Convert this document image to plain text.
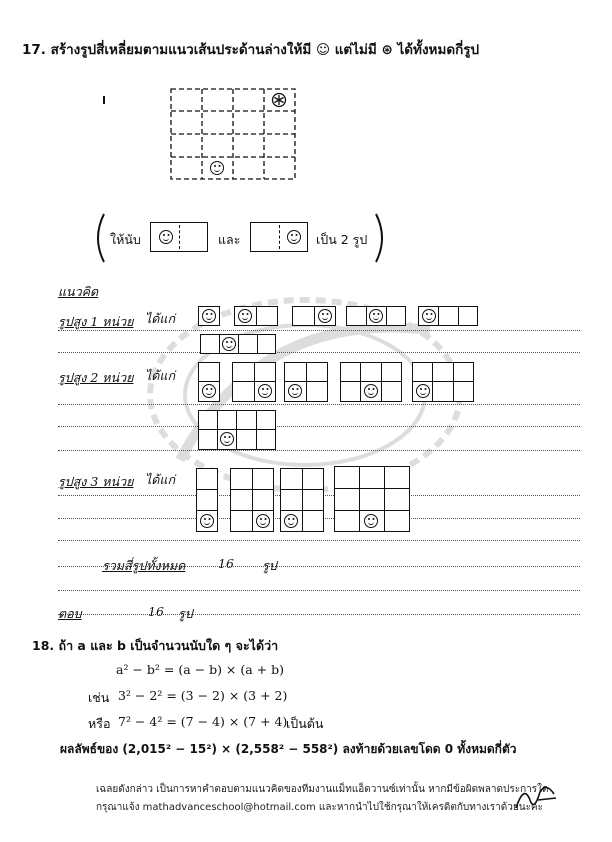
17. สร้างรูปสี่เหลี่ยมตามแนวเส้นประด้านล่างให้มี ☺ แต่ไม่มี ⊛ ได้ทั้งหมดกี่รูป
ให้นับ	และ	เป็น 2 รูป
แนวคิด
รูปสูง 1 หน่วย ได้แก่
รูปสูง 2 หน่วย ได้แก่
รูปสูง 3 หน่วย ได้แก่
รวมสี่รูปทั้งหมด	16 รูป
ตอบ	16 รูป
18. ถ้า a และ b เป็นจำนวนนับใด ๆ จะได้ว่า
a² − b² = (a − b) × (a + b)
เช่น 3² − 2² = (3 − 2) × (3 + 2)
หรือ 7² − 4² = (7 − 4) × (7 + 4)
เป็นต้น
ผลลัพธ์ของ (2,015² − 15²) × (2,558² − 558²) ลงท้ายด้วยเลขโดด 0 ทั้งหมดกี่ตัว
เฉลยดังกล่าว เป็นการหาคำตอบตามแนวคิดของทีมงานแม็ทแอ็ดวานซ์เท่านั้น หากมีข้อผิดพลาดประการใด
กรุณาแจ้ง mathadvanceschool@hotmail.com และหากนำไปใช้กรุณาให้เครดิตกับทางเราด้วยนะคะ
